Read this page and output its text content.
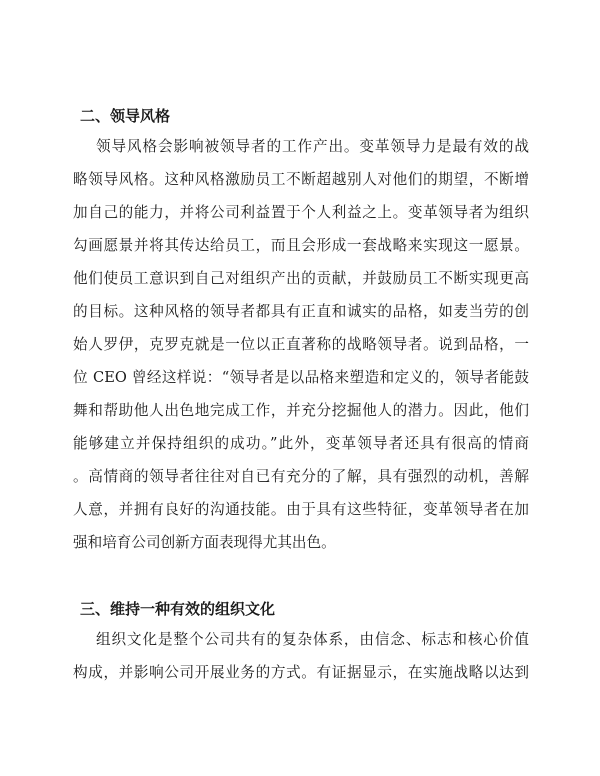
二、领导风格
领导风格会影响被领导者的工作产出。变革领导力是最有效的战
略领导风格。这种风格激励员工不断超越别人对他们的期望，不断增
加自己的能力，并将公司利益置于个人利益之上。变革领导者为组织
勾画愿景并将其传达给员工，而且会形成一套战略来实现这一愿景。
他们使员工意识到自己对组织产出的贡献，并鼓励员工不断实现更高
的目标。这种风格的领导者都具有正直和诚实的品格，如麦当劳的创
始人罗伊，克罗克就是一位以正直著称的战略领导者。说到品格，一
位 CEO 曾经这样说：“领导者是以品格来塑造和定义的，领导者能鼓
舞和帮助他人出色地完成工作，并充分挖掘他人的潜力。因此，他们
能够建立并保持组织的成功。”此外，变革领导者还具有很高的情商
。高情商的领导者往往对自已有充分的了解，具有强烈的动机，善解
人意，并拥有良好的沟通技能。由于具有这些特征，变革领导者在加
强和培育公司创新方面表现得尤其出色。
三、维持一种有效的组织文化
组织文化是整个公司共有的复杂体系，由信念、标志和核心价值
构成，并影响公司开展业务的方式。有证据显示，在实施战略以达到
